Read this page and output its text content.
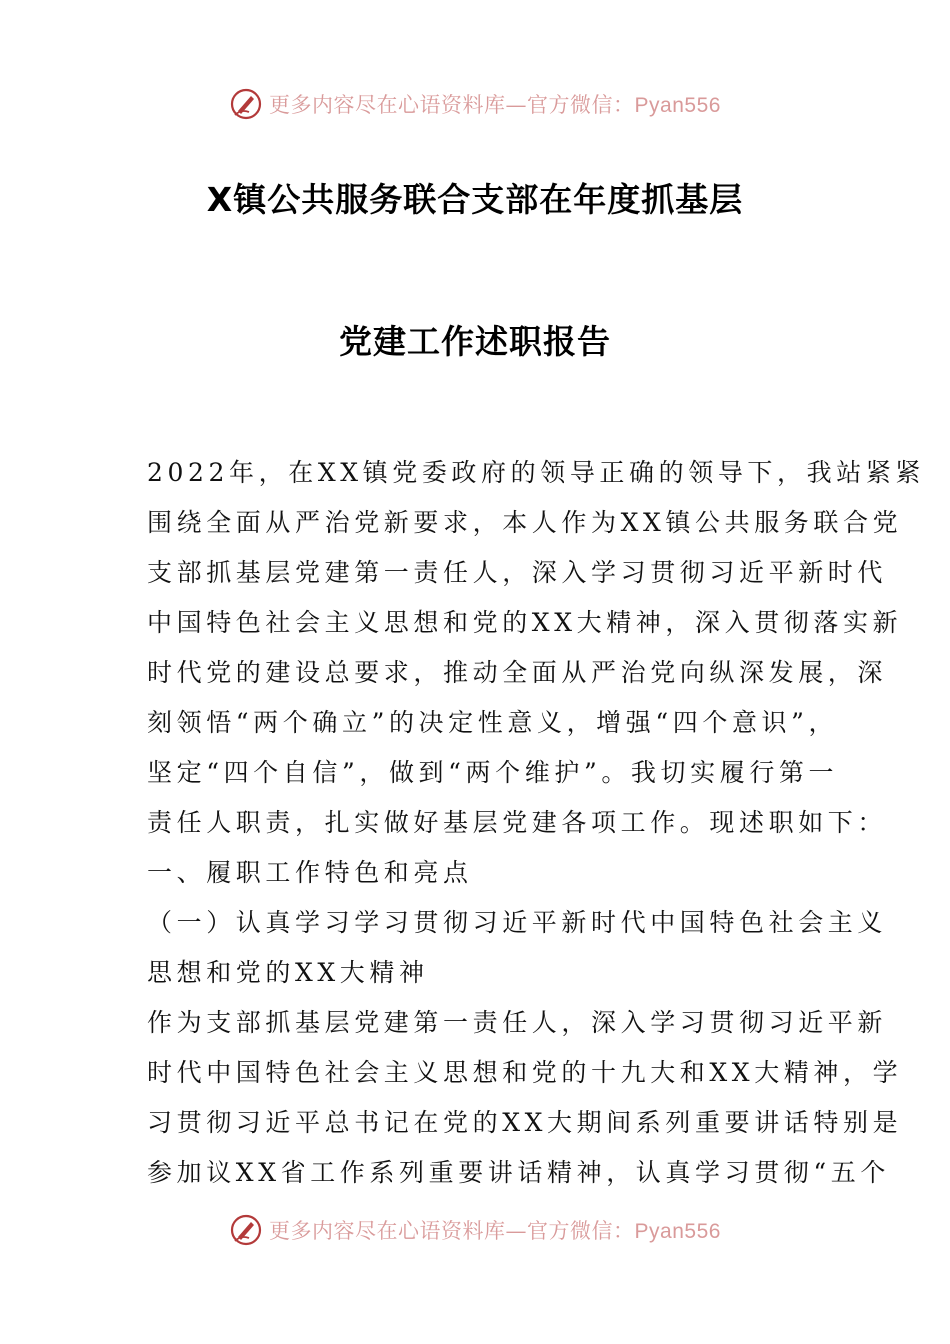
更多内容尽在心语资料库—官方微信：Pyan556
X镇公共服务联合支部在年度抓基层
党建工作述职报告
2022年，在XX镇党委政府的领导正确的领导下，我站紧紧
围绕全面从严治党新要求，本人作为XX镇公共服务联合党
支部抓基层党建第一责任人，深入学习贯彻习近平新时代
中国特色社会主义思想和党的XX大精神，深入贯彻落实新
时代党的建设总要求，推动全面从严治党向纵深发展，深
刻领悟“两个确立”的决定性意义，增强“四个意识”，
坚定“四个自信”，做到“两个维护”。我切实履行第一
责任人职责，扎实做好基层党建各项工作。现述职如下：
一、履职工作特色和亮点
（一）认真学习学习贯彻习近平新时代中国特色社会主义
思想和党的XX大精神
作为支部抓基层党建第一责任人，深入学习贯彻习近平新
时代中国特色社会主义思想和党的十九大和XX大精神，学
习贯彻习近平总书记在党的XX大期间系列重要讲话特别是
参加议XX省工作系列重要讲话精神，认真学习贯彻“五个
更多内容尽在心语资料库—官方微信：Pyan556
